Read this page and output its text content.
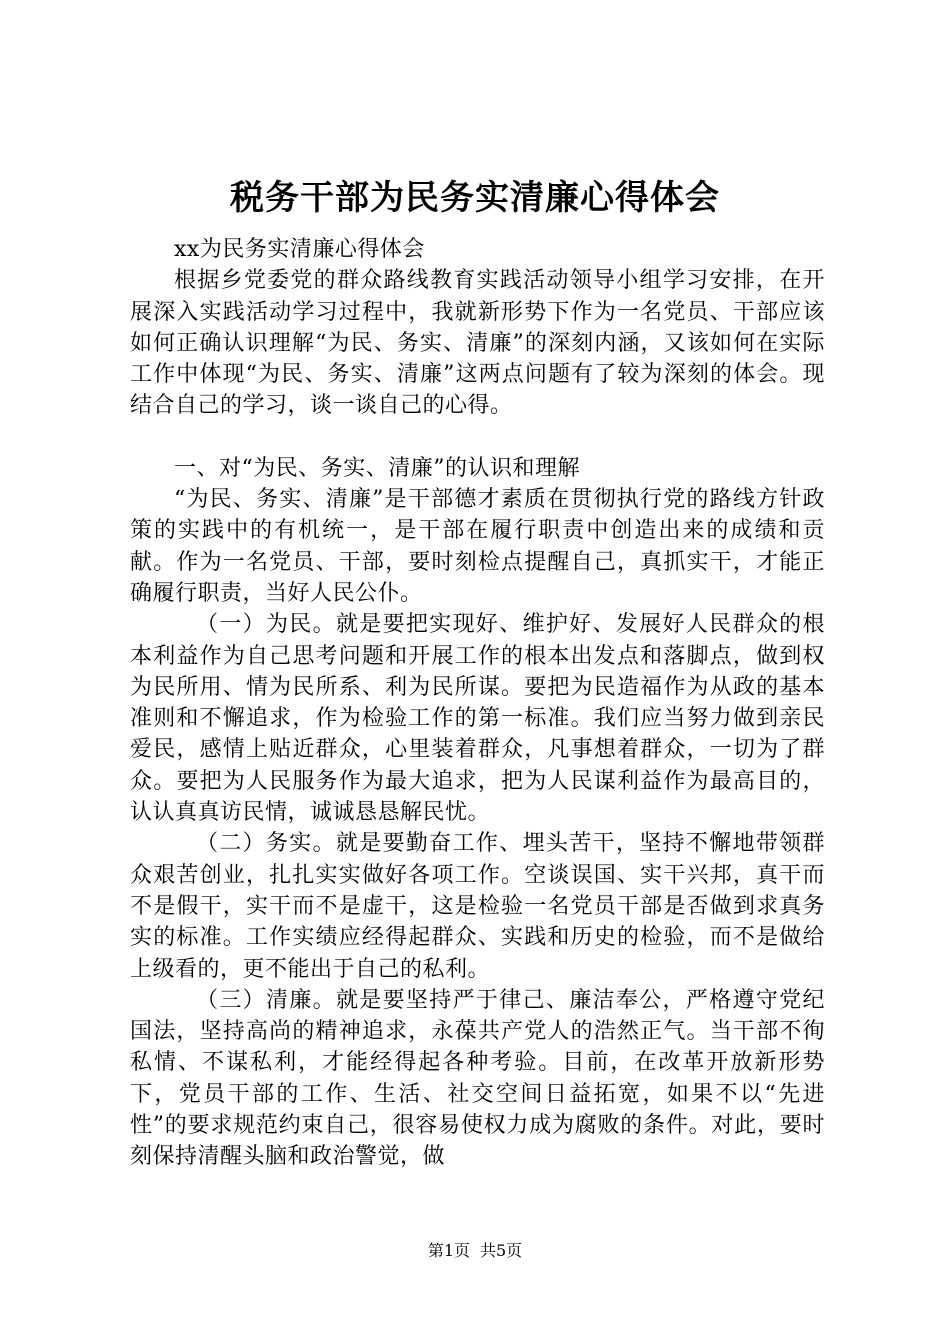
税务干部为民务实清廉心得体会

xx为民务实清廉心得体会

根据乡党委党的群众路线教育实践活动领导小组学习安排，在开展深入实践活动学习过程中，我就新形势下作为一名党员、干部应该如何正确认识理解“为民、务实、清廉”的深刻内涵，又该如何在实际工作中体现“为民、务实、清廉”这两点问题有了较为深刻的体会。现结合自己的学习，谈一谈自己的心得。

一、对“为民、务实、清廉”的认识和理解

“为民、务实、清廉”是干部德才素质在贯彻执行党的路线方针政策的实践中的有机统一，是干部在履行职责中创造出来的成绩和贡献。作为一名党员、干部，要时刻检点提醒自己，真抓实干，才能正确履行职责，当好人民公仆。

（一）为民。就是要把实现好、维护好、发展好人民群众的根本利益作为自己思考问题和开展工作的根本出发点和落脚点，做到权为民所用、情为民所系、利为民所谋。要把为民造福作为从政的基本准则和不懈追求，作为检验工作的第一标准。我们应当努力做到亲民爱民，感情上贴近群众，心里装着群众，凡事想着群众，一切为了群众。要把为人民服务作为最大追求，把为人民谋利益作为最高目的，认认真真访民情，诚诚恳恳解民忧。

（二）务实。就是要勤奋工作、埋头苦干，坚持不懈地带领群众艰苦创业，扎扎实实做好各项工作。空谈误国、实干兴邦，真干而不是假干，实干而不是虚干，这是检验一名党员干部是否做到求真务实的标准。工作实绩应经得起群众、实践和历史的检验，而不是做给上级看的，更不能出于自己的私利。

（三）清廉。就是要坚持严于律己、廉洁奉公，严格遵守党纪国法，坚持高尚的精神追求，永葆共产党人的浩然正气。当干部不徇私情、不谋私利，才能经得起各种考验。目前，在改革开放新形势下，党员干部的工作、生活、社交空间日益拓宽，如果不以“先进性”的要求规范约束自己，很容易使权力成为腐败的条件。对此，要时刻保持清醒头脑和政治警觉，做

第1页 共5页
